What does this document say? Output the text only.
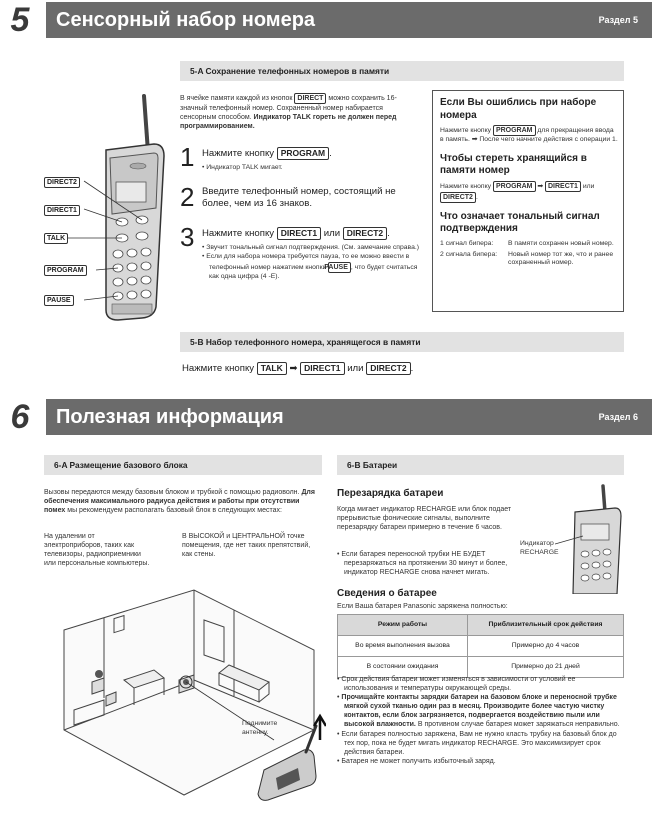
5	Сенсорный набор номера	Раздел 5
5-A Сохранение телефонных номеров в памяти
DIRECT2
DIRECT1
TALK
PROGRAM
PAUSE
В ячейке памяти каждой из кнопок DIRECT можно сохранить 16-значный телефонный номер. Сохраненный номер набирается сенсорным способом. Индикатор TALK гореть не должен перед программированием.
1 Нажмите кнопку PROGRAM .
• Индикатор TALK мигает.
2 Введите телефонный номер, состоящий не более, чем из 16 знаков.
3 Нажмите кнопку DIRECT1 или DIRECT2 .
• Звучит тональный сигнал подтверждения. (См. замечание справа.)
• Если для набора номера требуется пауза, то ее можно ввести в телефонный номер нажатием кнопки PAUSE , что будет считаться как одна цифра (4 -Е).
Если Вы ошиблись при наборе номера
Нажмите кнопку PROGRAM для прекращения ввода в память. ➡ После чего начните действия с операции 1.
Чтобы стереть хранящийся в памяти номер
Нажмите кнопку PROGRAM ➡ DIRECT1 или DIRECT2 .
Что означает тональный сигнал подтверждения
1 сигнал бипера:	В памяти сохранен новый номер.
2 сигнала бипера:	Новый номер тот же, что и ранее сохраненный номер.
5-B Набор телефонного номера, хранящегося в памяти
Нажмите кнопку TALK ➡ DIRECT1 или DIRECT2 .
6	Полезная информация	Раздел 6
6-A Размещение базового блока	6-B Батареи
Вызовы передаются между базовым блоком и трубкой с помощью радиоволн. Для обеспечения максимального радиуса действия и работы при отсутствии помех мы рекомендуем располагать базовый блок в следующих местах:
На удалении от электроприборов, таких как телевизоры, радиоприемники или персональные компьютеры.
В ВЫСОКОЙ и ЦЕНТРАЛЬНОЙ точке помещения, где нет таких препятствий, как стены.
Поднимите антенну.
Перезарядка батареи
Когда мигает индикатор RECHARGE или блок подает прерывистые фонические сигналы, выполните перезарядку батареи примерно в течение 6 часов.
• Если батарея переносной трубки НЕ БУДЕТ перезаряжаться на протяжении 30 минут и более, индикатор RECHARGE снова начнет мигать.
Индикатор RECHARGE
Сведения о батарее
Если Ваша батарея Panasonic заряжена полностью:
Режим работы	Приблизительный срок действия
Во время выполнения вызова	Примерно до 4 часов
В состоянии ожидания	Примерно до 21 дней
• Срок действия батареи может изменяться в зависимости от условий ее использования и температуры окружающей среды.
• Прочищайте контакты зарядки батареи на базовом блоке и переносной трубке мягкой сухой тканью один раз в месяц. Производите более частую чистку контактов, если блок загрязняется, подвергается воздействию пыли или высокой влажности. В противном случае батарея может заряжаться неправильно.
• Если батарея полностью заряжена, Вам не нужно класть трубку на базовый блок до тех пор, пока не будет мигать индикатор RECHARGE. Это максимизирует срок действия батареи.
• Батарея не может получить избыточный заряд.
